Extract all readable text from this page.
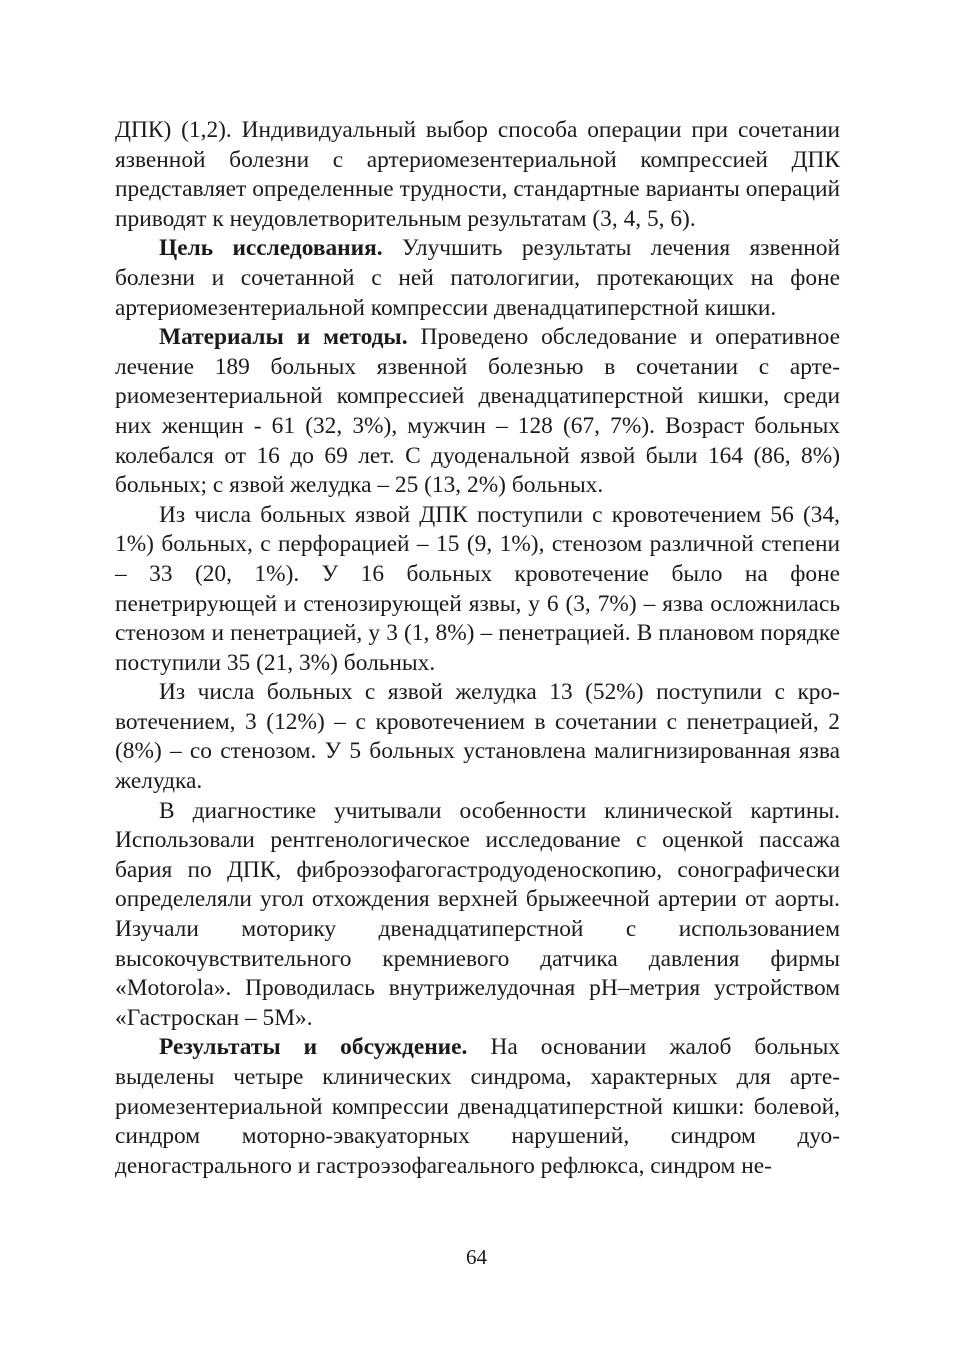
ДПК) (1,2). Индивидуальный выбор способа операции при сочетании язвенной болезни с артериомезентериальной компрессией ДПК представляет определенные трудности, стандартные варианты операций приводят к неудовлетворительным результатам (3, 4, 5, 6).

Цель исследования. Улучшить результаты лечения язвенной болезни и сочетанной с ней патологигии, протекающих на фоне артериомезентериальной компрессии двенадцатиперстной кишки.

Материалы и методы. Проведено обследование и оперативное лечение 189 больных язвенной болезнью в сочетании с артериомезентериальной компрессией двенадцатиперстной кишки, среди них женщин - 61 (32, 3%), мужчин – 128 (67, 7%). Возраст больных колебался от 16 до 69 лет. С дуоденальной язвой были 164 (86, 8%) больных; с язвой желудка – 25 (13, 2%) больных.

Из числа больных язвой ДПК поступили с кровотечением 56 (34, 1%) больных, с перфорацией – 15 (9, 1%), стенозом различной степени – 33 (20, 1%). У 16 больных кровотечение было на фоне пенетрирующей и стенозирующей язвы, у 6 (3, 7%) – язва осложнилась стенозом и пенетрацией, у 3 (1, 8%) – пенетрацией. В плановом порядке поступили 35 (21, 3%) больных.

Из числа больных с язвой желудка 13 (52%) поступили с кровотечением, 3 (12%) – с кровотечением в сочетании с пенетрацией, 2 (8%) – со стенозом. У 5 больных установлена малигнизированная язва желудка.

В диагностике учитывали особенности клинической картины. Использовали рентгенологическое исследование с оценкой пассажа бария по ДПК, фиброэзофагогастродуоденоскопию, сонографически определеляли угол отхождения верхней брыжеечной артерии от аорты. Изучали моторику двенадцатиперстной с использованием высокочувствительного кремниевого датчика давления фирмы «Motorola». Проводилась внутрижелудочная pH–метрия устройством «Гастроскан – 5M».

Результаты и обсуждение. На основании жалоб больных выделены четыре клинических синдрома, характерных для артериомезентериальной компрессии двенадцатиперстной кишки: болевой, синдром моторно-эвакуаторных нарушений, синдром дуоденогастрального и гастроэзофагеального рефлюкса, синдром не-

64
